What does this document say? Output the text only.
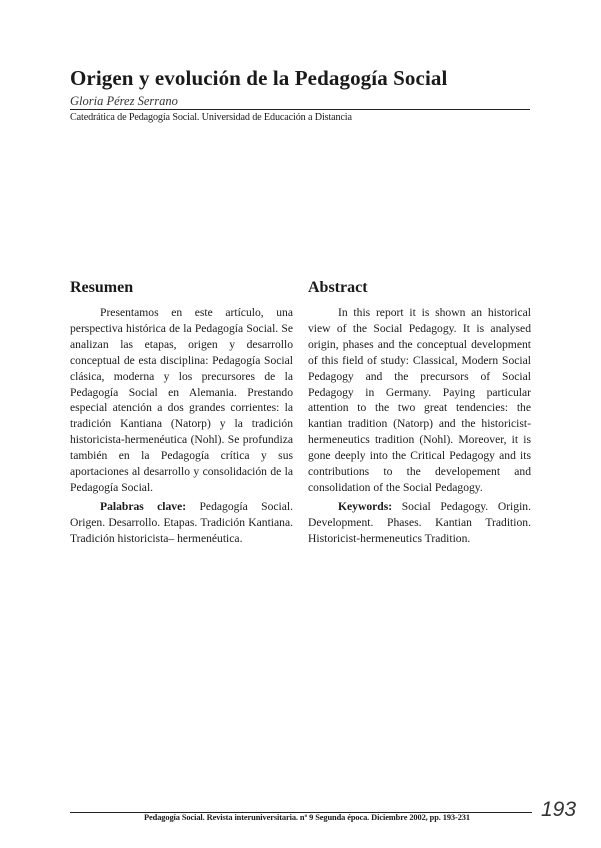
Origen y evolución de la Pedagogía Social
Gloria Pérez Serrano
Catedrática de Pedagogía Social. Universidad de Educación a Distancia
Resumen

Presentamos en este artículo, una perspectiva histórica de la Pedagogía Social. Se analizan las etapas, origen y desarrollo conceptual de esta disciplina: Pedagogía Social clásica, moderna y los precursores de la Pedagogía Social en Alemania. Prestando especial atención a dos grandes corrientes: la tradición Kantiana (Natorp) y la tradición historicista-hermenéutica (Nohl). Se profundiza también en la Pedagogía crítica y sus aportaciones al desarrollo y consolidación de la Pedagogía Social.

Palabras clave: Pedagogía Social. Origen. Desarrollo. Etapas. Tradición Kantiana. Tradición historicista– hermenéutica.

Abstract

In this report it is shown an historical view of the Social Pedagogy. It is analysed origin, phases and the conceptual development of this field of study: Classical, Modern Social Pedagogy and the precursors of Social Pedagogy in Germany. Paying particular attention to the two great tendencies: the kantian tradition (Natorp) and the historicist-hermeneutics tradition (Nohl). Moreover, it is gone deeply into the Critical Pedagogy and its contributions to the developement and consolidation of the Social Pedagogy.

Keywords: Social Pedagogy. Origin. Development. Phases. Kantian Tradition. Historicist-hermeneutics Tradition.

Pedagogía Social. Revista interuniversitaria. nº 9 Segunda época. Diciembre 2002, pp. 193-231	193
